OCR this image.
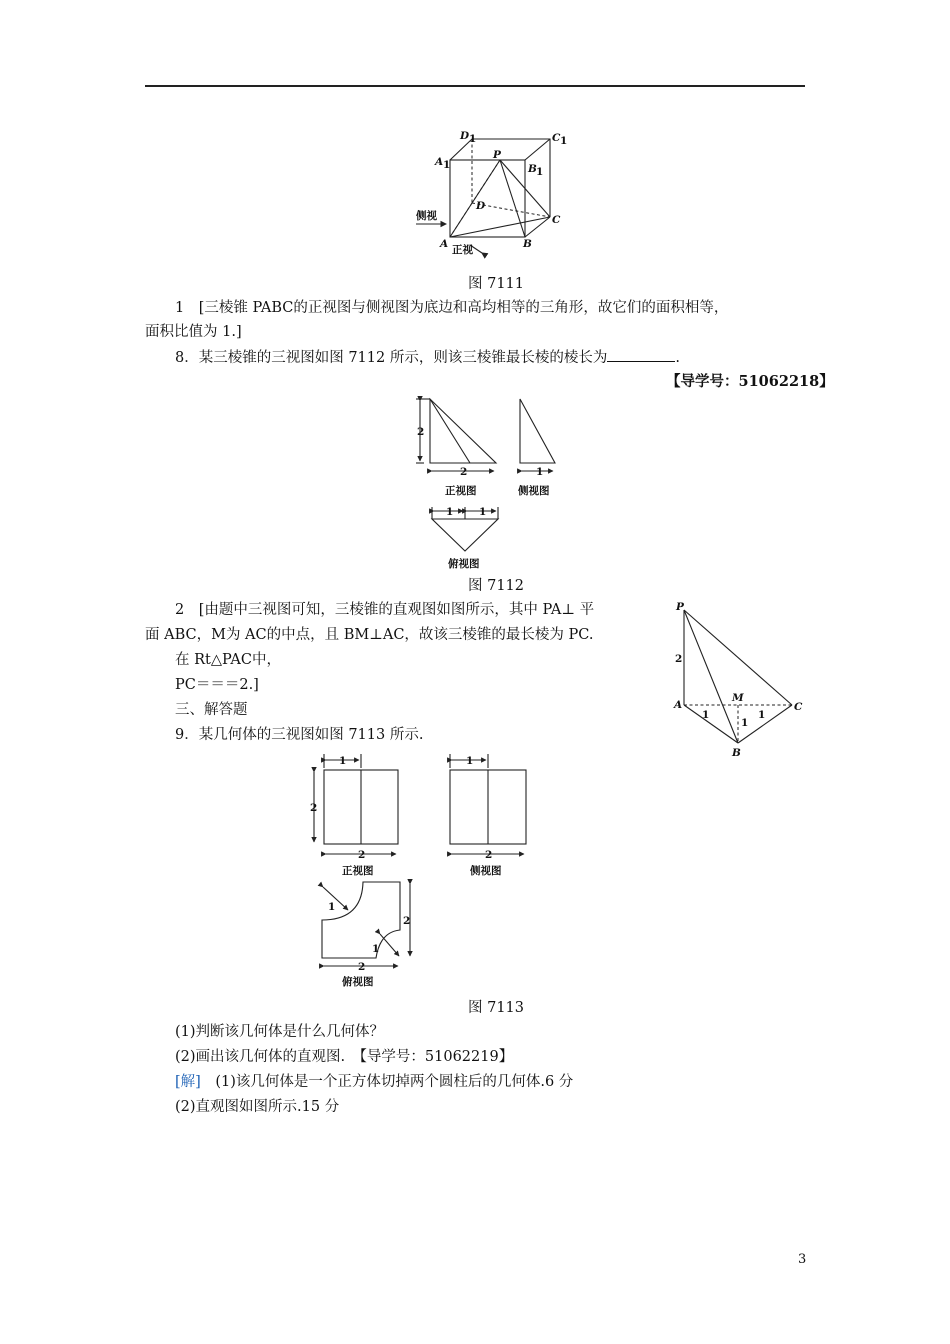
D 1	C 1
A 1	B 1
P
D
C
A	B
侧视
正视
图 7111
1　[三棱锥 PABC的正视图与侧视图为底边和高均相等的三角形，故它们的面积相等，
面积比值为 1.]
8．某三棱锥的三视图如图 7112 所示，则该三棱锥最长棱的棱长为	.
【导学号：51062218】
2
2
正视图
1
侧视图
1 1
俯视图
图 7112
2　[由题中三视图可知，三棱锥的直观图如图所示，其中 PA⊥ 平
面 ABC，M为 AC的中点，且 BM⊥AC，故该三棱锥的最长棱为 PC.
在 Rt△PAC中，
PC＝＝＝2.]
三、解答题
9．某几何体的三视图如图 7113 所示.
P
A	C
B
M
2
1	1
1
1
2
2
正视图
1
2
侧视图
1
1
2
2
俯视图
图 7113
(1)判断该几何体是什么几何体？
(2)画出该几何体的直观图.　【导学号：51062219】
[解]　(1)该几何体是一个正方体切掉两个圆柱后的几何体.6 分
(2)直观图如图所示.15 分
3
